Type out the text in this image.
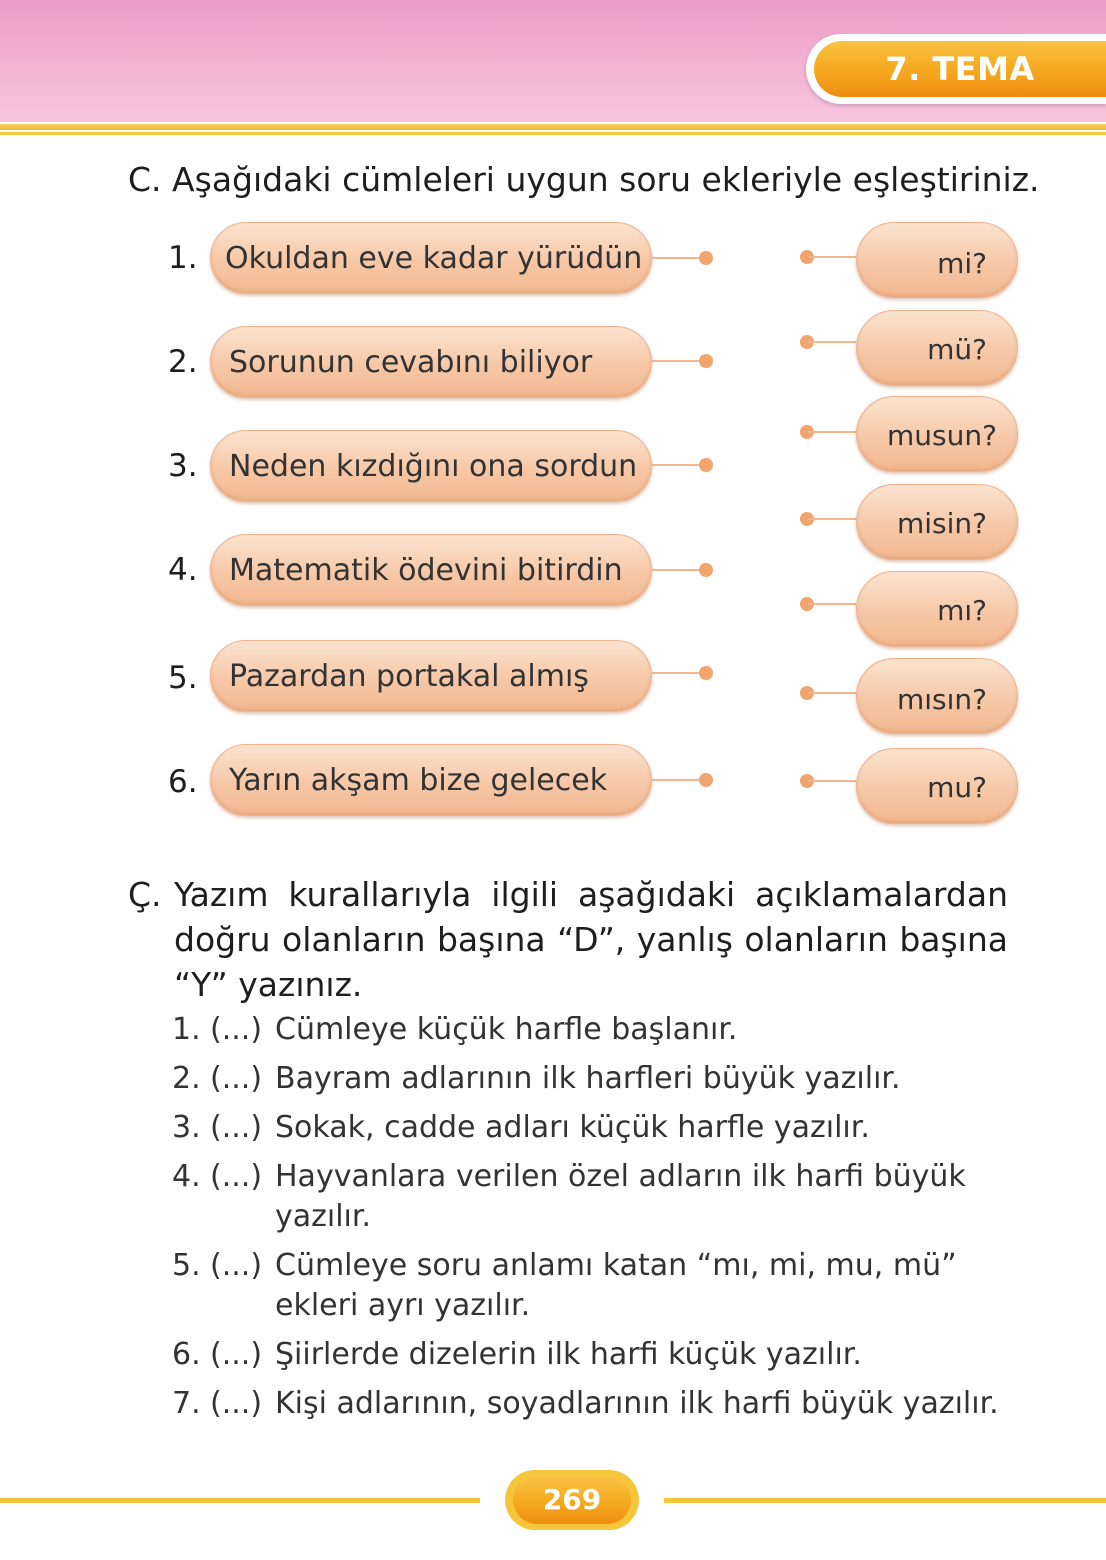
7. TEMA
C. Aşağıdaki cümleleri uygun soru ekleriyle eşleştiriniz.
1. Okuldan eve kadar yürüdün
2. Sorunun cevabını biliyor
3. Neden kızdığını ona sordun
4. Matematik ödevini bitirdin
5. Pazardan portakal almış
6. Yarın akşam bize gelecek
mi?
mü?
musun?
misin?
mı?
mısın?
mu?
Ç. Yazım kurallarıyla ilgili aşağıdaki açıklamalardan doğru olanların başına “D”, yanlış olanların başına “Y” yazınız.
1. (...) Cümleye küçük harfle başlanır.
2. (...) Bayram adlarının ilk harfleri büyük yazılır.
3. (...) Sokak, cadde adları küçük harfle yazılır.
4. (...) Hayvanlara verilen özel adların ilk harfi büyük yazılır.
5. (...) Cümleye soru anlamı katan “mı, mi, mu, mü” ekleri ayrı yazılır.
6. (...) Şiirlerde dizelerin ilk harfi küçük yazılır.
7. (...) Kişi adlarının, soyadlarının ilk harfi büyük yazılır.
269
